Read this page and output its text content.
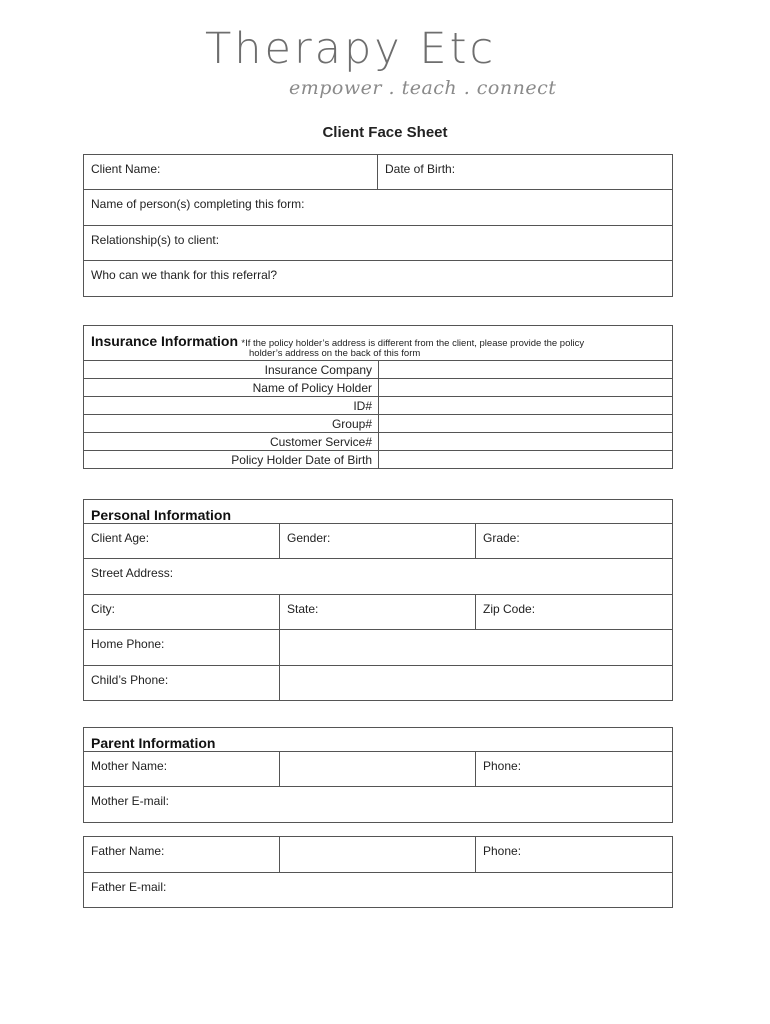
Therapy Etc
empower . teach . connect
Client Face Sheet
Client Name:	Date of Birth:
Name of person(s) completing this form:
Relationship(s) to client:
Who can we thank for this referral?
Insurance Information *If the policy holder’s address is different from the client, please provide the policy
holder’s address on the back of this form	

Insurance Company	
Name of Policy Holder	
ID#	
Group#	
Customer Service#	
Policy Holder Date of Birth	
Personal Information		
Client Age:	Gender:	Grade:
Street Address:		
City:	State:	Zip Code:
Home Phone:		
Child’s Phone:		
Parent Information
Mother Name:		Phone:
Mother E-mail:
Father Name:		Phone:
Father E-mail:
